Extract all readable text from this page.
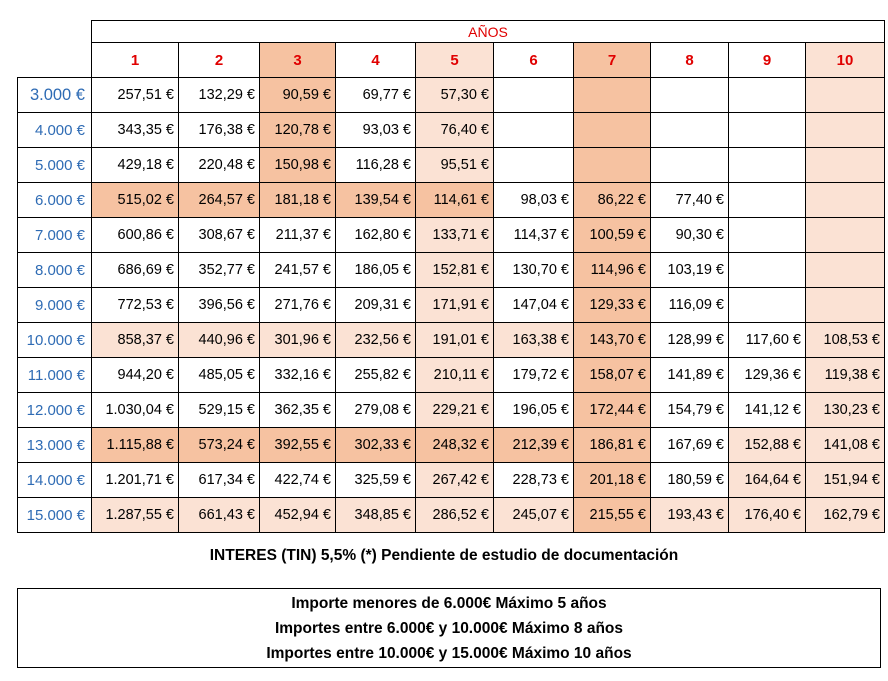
	AÑOS									
	1	2	3	4	5	6	7	8	9	10
3.000 €	257,51 €	132,29 €	90,59 €	69,77 €	57,30 €					
4.000 €	343,35 €	176,38 €	120,78 €	93,03 €	76,40 €					
5.000 €	429,18 €	220,48 €	150,98 €	116,28 €	95,51 €					
6.000 €	515,02 €	264,57 €	181,18 €	139,54 €	114,61 €	98,03 €	86,22 €	77,40 €		
7.000 €	600,86 €	308,67 €	211,37 €	162,80 €	133,71 €	114,37 €	100,59 €	90,30 €		
8.000 €	686,69 €	352,77 €	241,57 €	186,05 €	152,81 €	130,70 €	114,96 €	103,19 €		
9.000 €	772,53 €	396,56 €	271,76 €	209,31 €	171,91 €	147,04 €	129,33 €	116,09 €		
10.000 €	858,37 €	440,96 €	301,96 €	232,56 €	191,01 €	163,38 €	143,70 €	128,99 €	117,60 €	108,53 €
11.000 €	944,20 €	485,05 €	332,16 €	255,82 €	210,11 €	179,72 €	158,07 €	141,89 €	129,36 €	119,38 €
12.000 €	1.030,04 €	529,15 €	362,35 €	279,08 €	229,21 €	196,05 €	172,44 €	154,79 €	141,12 €	130,23 €
13.000 €	1.115,88 €	573,24 €	392,55 €	302,33 €	248,32 €	212,39 €	186,81 €	167,69 €	152,88 €	141,08 €
14.000 €	1.201,71 €	617,34 €	422,74 €	325,59 €	267,42 €	228,73 €	201,18 €	180,59 €	164,64 €	151,94 €
15.000 €	1.287,55 €	661,43 €	452,94 €	348,85 €	286,52 €	245,07 €	215,55 €	193,43 €	176,40 €	162,79 €
INTERES (TIN) 5,5% (*) Pendiente de estudio de documentación
Importe menores de 6.000€ Máximo 5 años
Importes entre 6.000€ y 10.000€ Máximo 8 años
Importes entre 10.000€ y 15.000€ Máximo 10 años
